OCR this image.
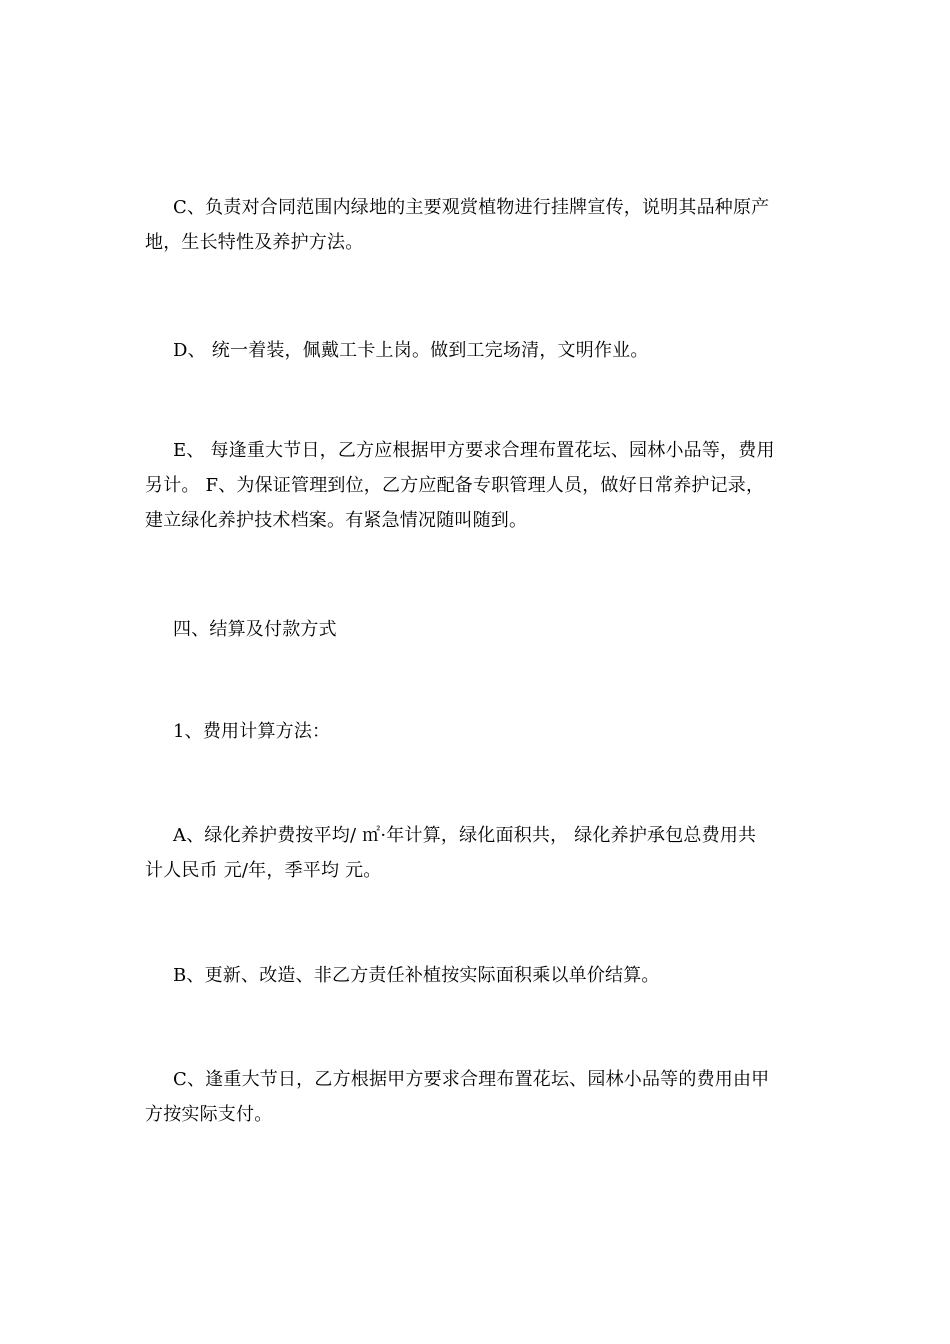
C、负责对合同范围内绿地的主要观赏植物进行挂牌宣传，说明其品种原产
地，生长特性及养护方法。

D、 统一着装，佩戴工卡上岗。做到工完场清，文明作业。

E、 每逢重大节日，乙方应根据甲方要求合理布置花坛、园林小品等，费用
另计。 F、为保证管理到位，乙方应配备专职管理人员，做好日常养护记录，
建立绿化养护技术档案。有紧急情况随叫随到。

四、结算及付款方式

1、费用计算方法：

A、绿化养护费按平均/ ㎡·年计算，绿化面积共， 绿化养护承包总费用共
计人民币 元/年，季平均 元。

B、更新、改造、非乙方责任补植按实际面积乘以单价结算。

C、逢重大节日，乙方根据甲方要求合理布置花坛、园林小品等的费用由甲
方按实际支付。
